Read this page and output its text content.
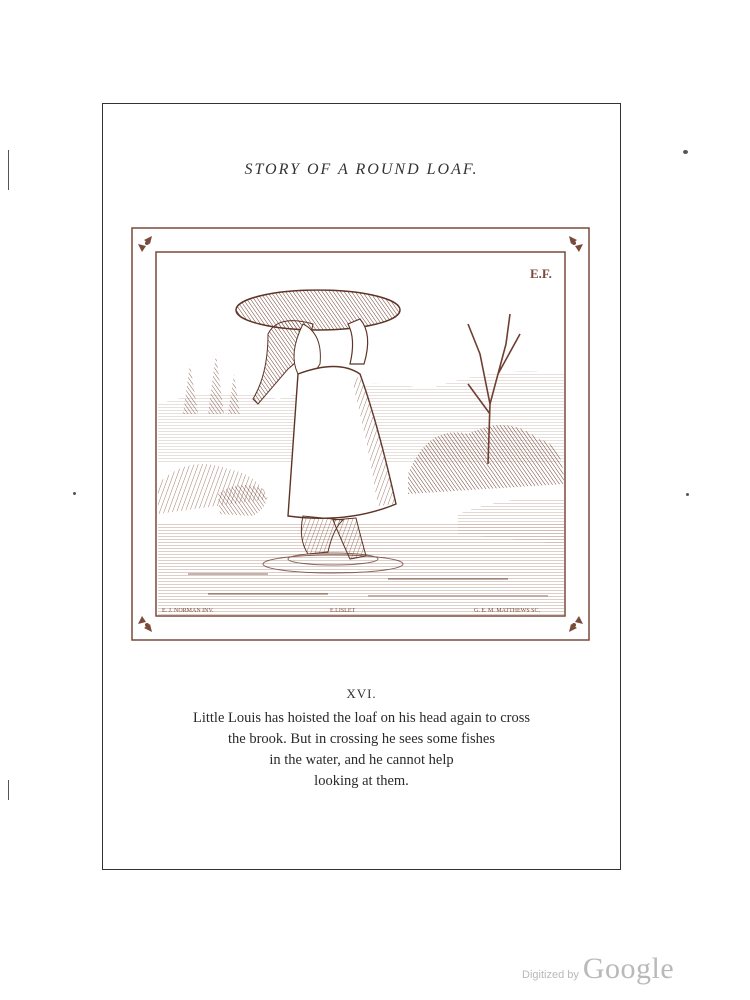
STORY OF A ROUND LOAF.
E.F.
E. J. NORMAN INV.	E.LISLET	G. E. M. MATTHEWS SC.
XVI.
Little Louis has hoisted the loaf on his head again to cross
the brook. But in crossing he sees some fishes
in the water, and he cannot help
looking at them.
Digitized by Google
